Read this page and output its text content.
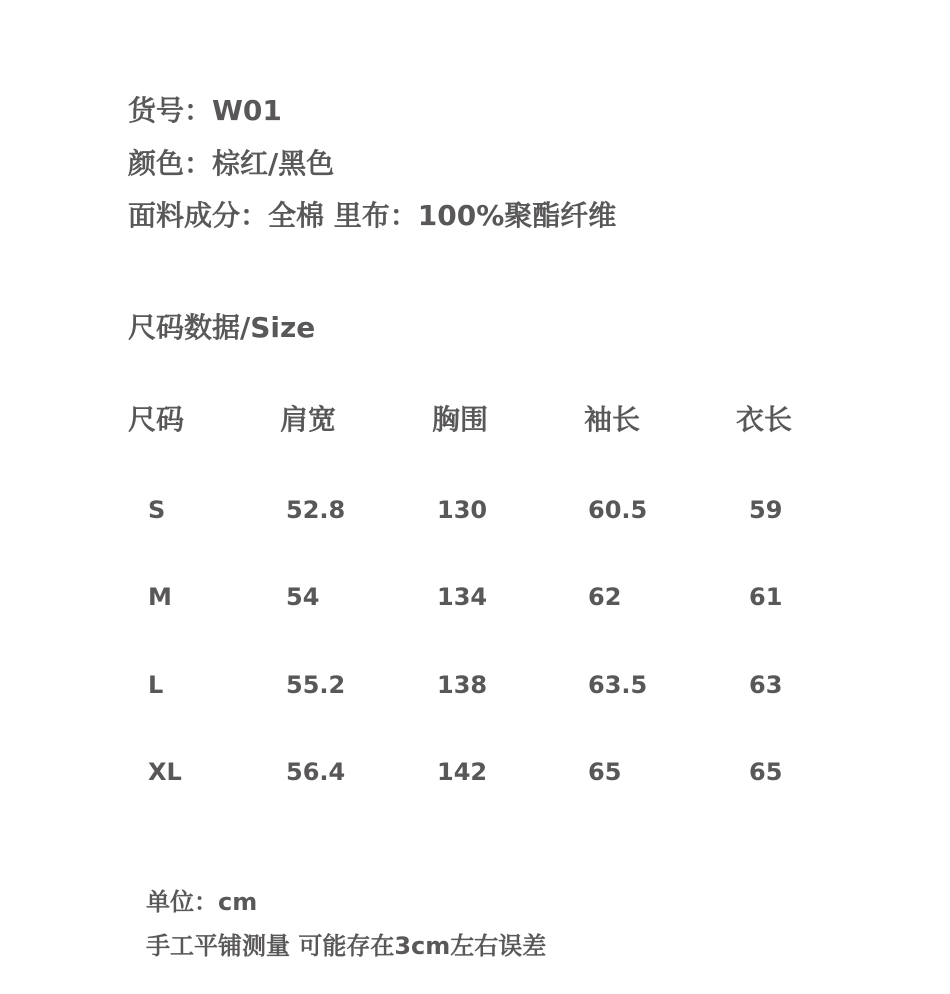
货号：W01
颜色：棕红/黑色
面料成分：全棉 里布：100%聚酯纤维
尺码数据/Size
尺码	肩宽	胸围	袖长	衣长
S	52.8	130	60.5	59
M	54	134	62	61
L	55.2	138	63.5	63
XL	56.4	142	65	65
单位：cm
手工平铺测量 可能存在3cm左右误差
